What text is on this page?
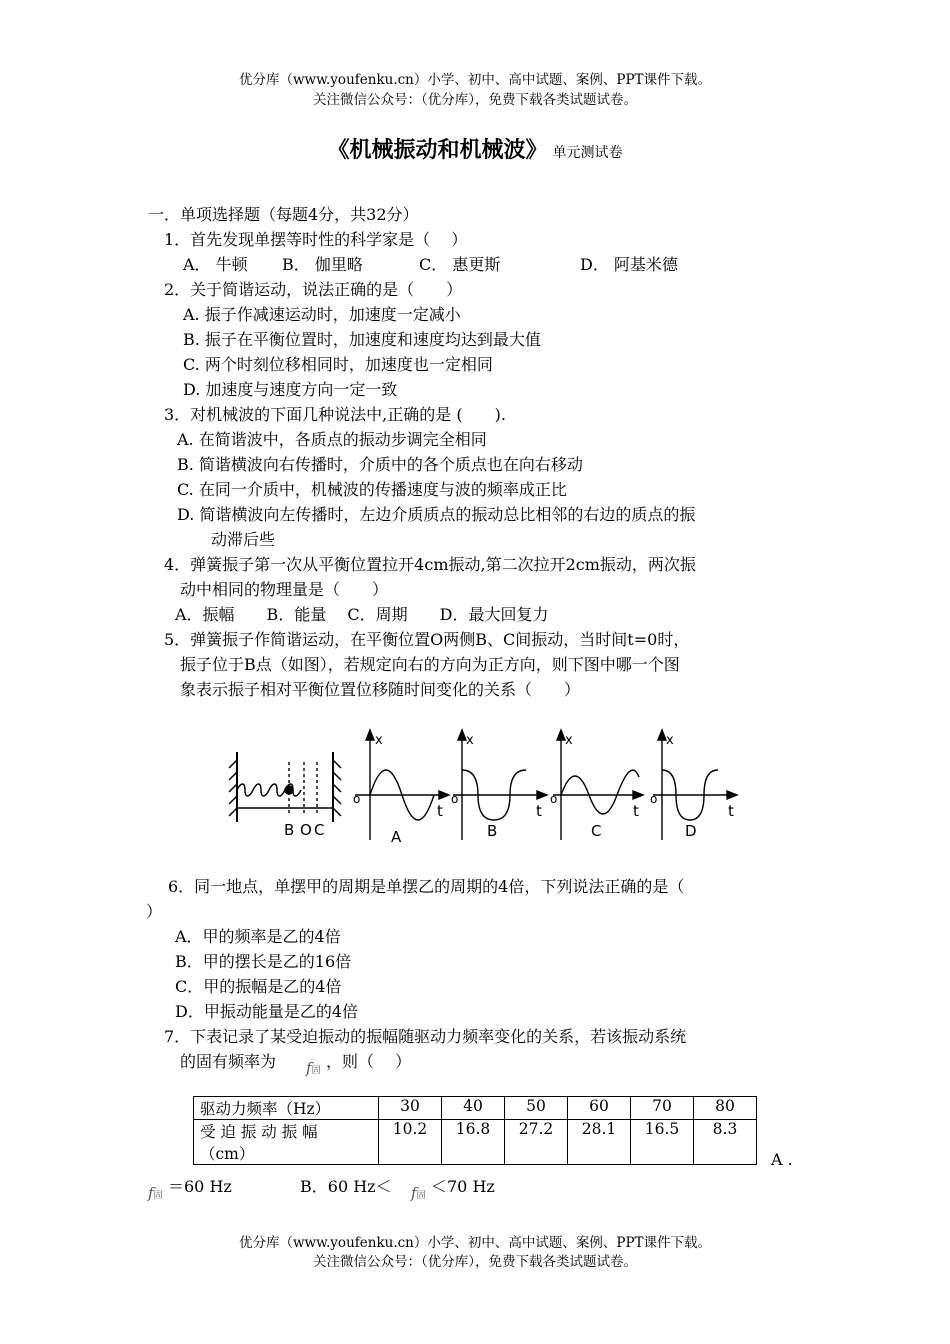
优分库（www.youfenku.cn）小学、初中、高中试题、案例、PPT课件下载。
关注微信公众号：（优分库），免费下载各类试题试卷。
《机械振动和机械波》 单元测试卷
一．单项选择题（每题4分，共32分）
1．首先发现单摆等时性的科学家是（　 ）
A． 牛顿 B． 伽里略	C． 惠更斯	D． 阿基米德
2．关于简谐运动，说法正确的是（　　）
A. 振子作减速运动时，加速度一定减小
B. 振子在平衡位置时，加速度和速度均达到最大值
C. 两个时刻位移相同时，加速度也一定相同
D. 加速度与速度方向一定一致
3．对机械波的下面几种说法中,正确的是 (　　).
A. 在简谐波中，各质点的振动步调完全相同
B. 简谐横波向右传播时，介质中的各个质点也在向右移动
C. 在同一介质中，机械波的传播速度与波的频率成正比
D. 简谐横波向左传播时，左边介质质点的振动总比相邻的右边的质点的振
动滞后些
4．弹簧振子第一次从平衡位置拉开4cm振动,第二次拉开2cm振动，两次振
动中相同的物理量是（　　）
A．振幅　　B．能量　 C．周期　　D．最大回复力
5．弹簧振子作简谐运动，在平衡位置O两侧B、C间振动，当时间t=0时，
振子位于B点（如图），若规定向右的方向为正方向，则下图中哪一个图
象表示振子相对平衡位置位移随时间变化的关系（　　）
B O C
x
t
o
A
x
t
o
B
x
t
o
C
x
t
o
D
6．同一地点，单摆甲的周期是单摆乙的周期的4倍，下列说法正确的是（
）
A．甲的频率是乙的4倍
B．甲的摆长是乙的16倍
C．甲的振幅是乙的4倍
D．甲振动能量是乙的4倍
7．下表记录了某受迫振动的振幅随驱动力频率变化的关系，若该振动系统
的固有频率为 f固 ，则（　 ）
驱动力频率（Hz）	30	40	50	60	70	80

受 迫 振 动 振 幅
（cm）	10.2	16.8	27.2	28.1	16.5	8.3
A .
f固 ＝60 Hz	B．60 Hz＜ f固 ＜70 Hz
优分库（www.youfenku.cn）小学、初中、高中试题、案例、PPT课件下载。
关注微信公众号：（优分库），免费下载各类试题试卷。
